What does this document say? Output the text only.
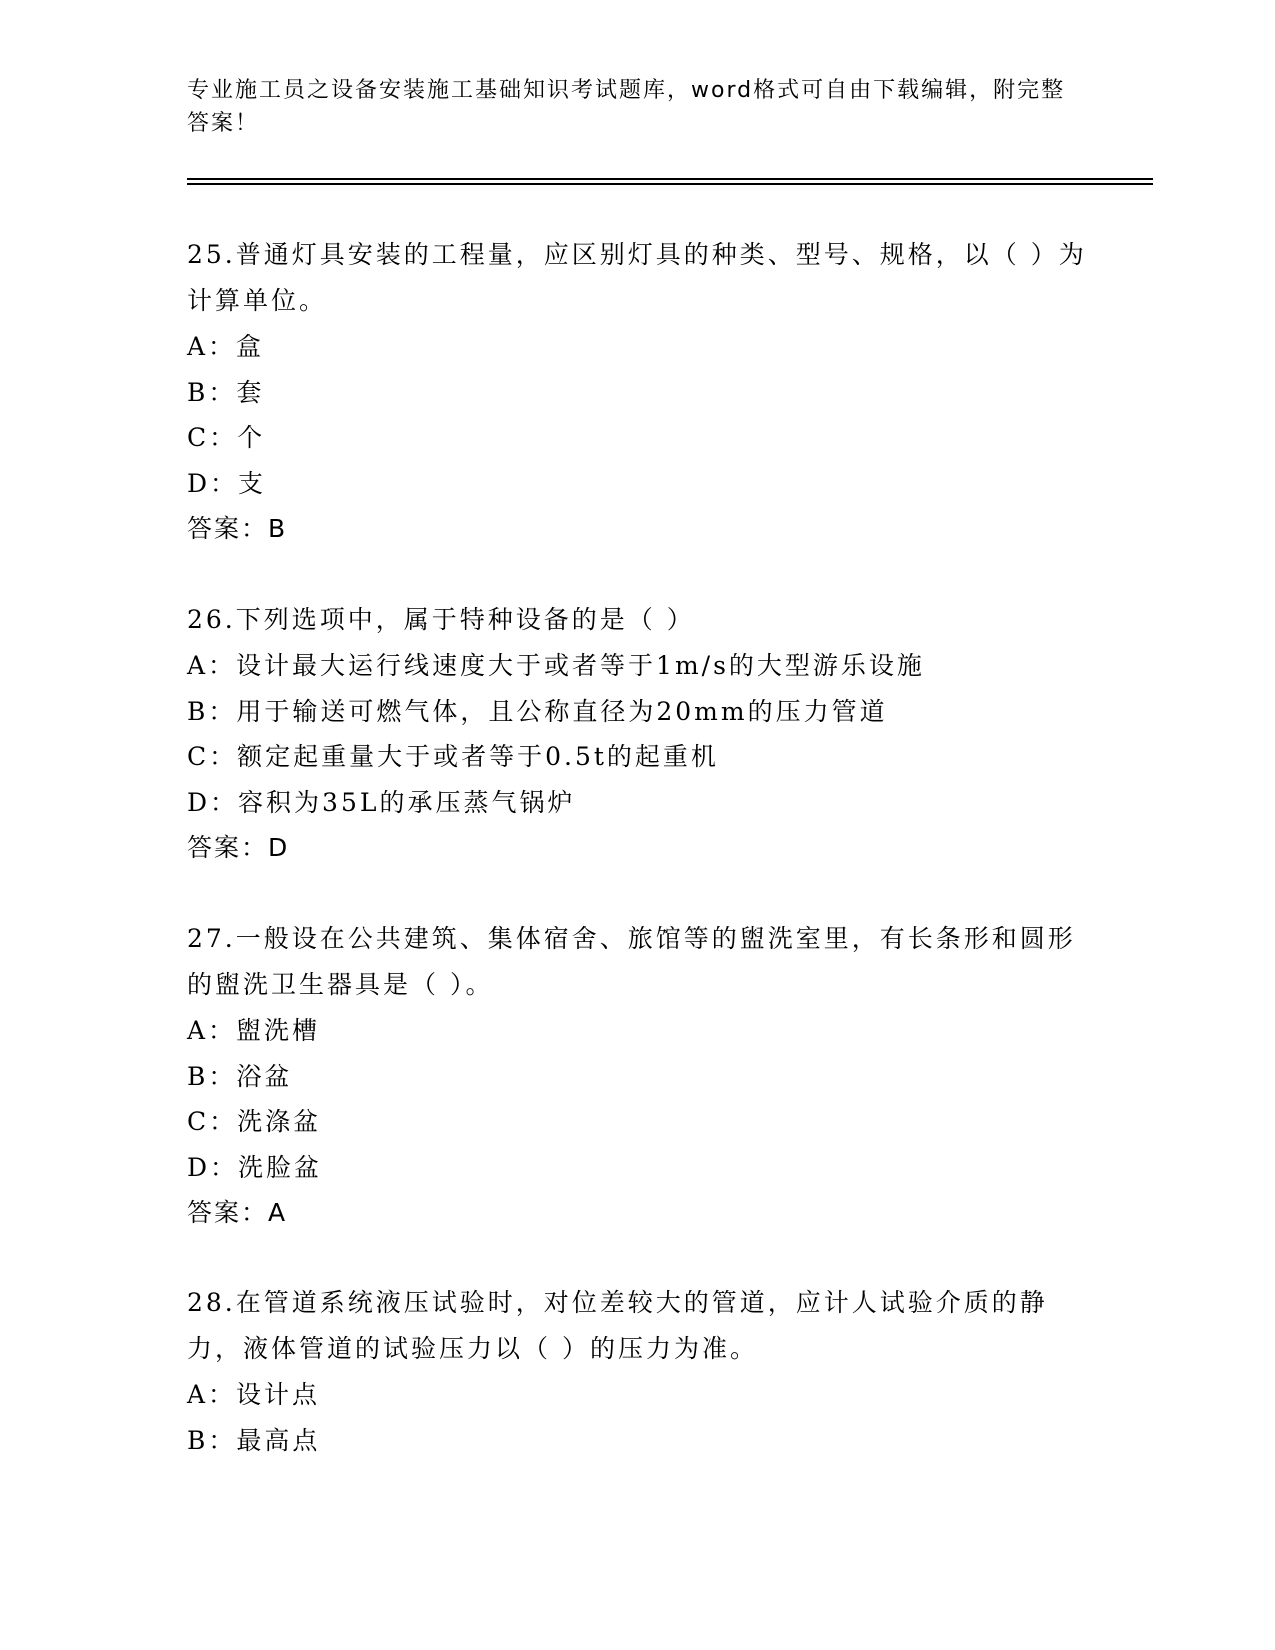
专业施工员之设备安装施工基础知识考试题库，word格式可自由下载编辑，附完整答案！
25.普通灯具安装的工程量，应区别灯具的种类、型号、规格，以（ ）为计算单位。
A：盒
B：套
C：个
D：支
答案：B
26.下列选项中，属于特种设备的是（ ）
A：设计最大运行线速度大于或者等于1m/s的大型游乐设施
B：用于输送可燃气体，且公称直径为20mm的压力管道
C：额定起重量大于或者等于0.5t的起重机
D：容积为35L的承压蒸气锅炉
答案：D
27.一般设在公共建筑、集体宿舍、旅馆等的盥洗室里，有长条形和圆形的盥洗卫生器具是（ ）。
A：盥洗槽
B：浴盆
C：洗涤盆
D：洗脸盆
答案：A
28.在管道系统液压试验时，对位差较大的管道，应计人试验介质的静力，液体管道的试验压力以（ ）的压力为准。
A：设计点
B：最高点
